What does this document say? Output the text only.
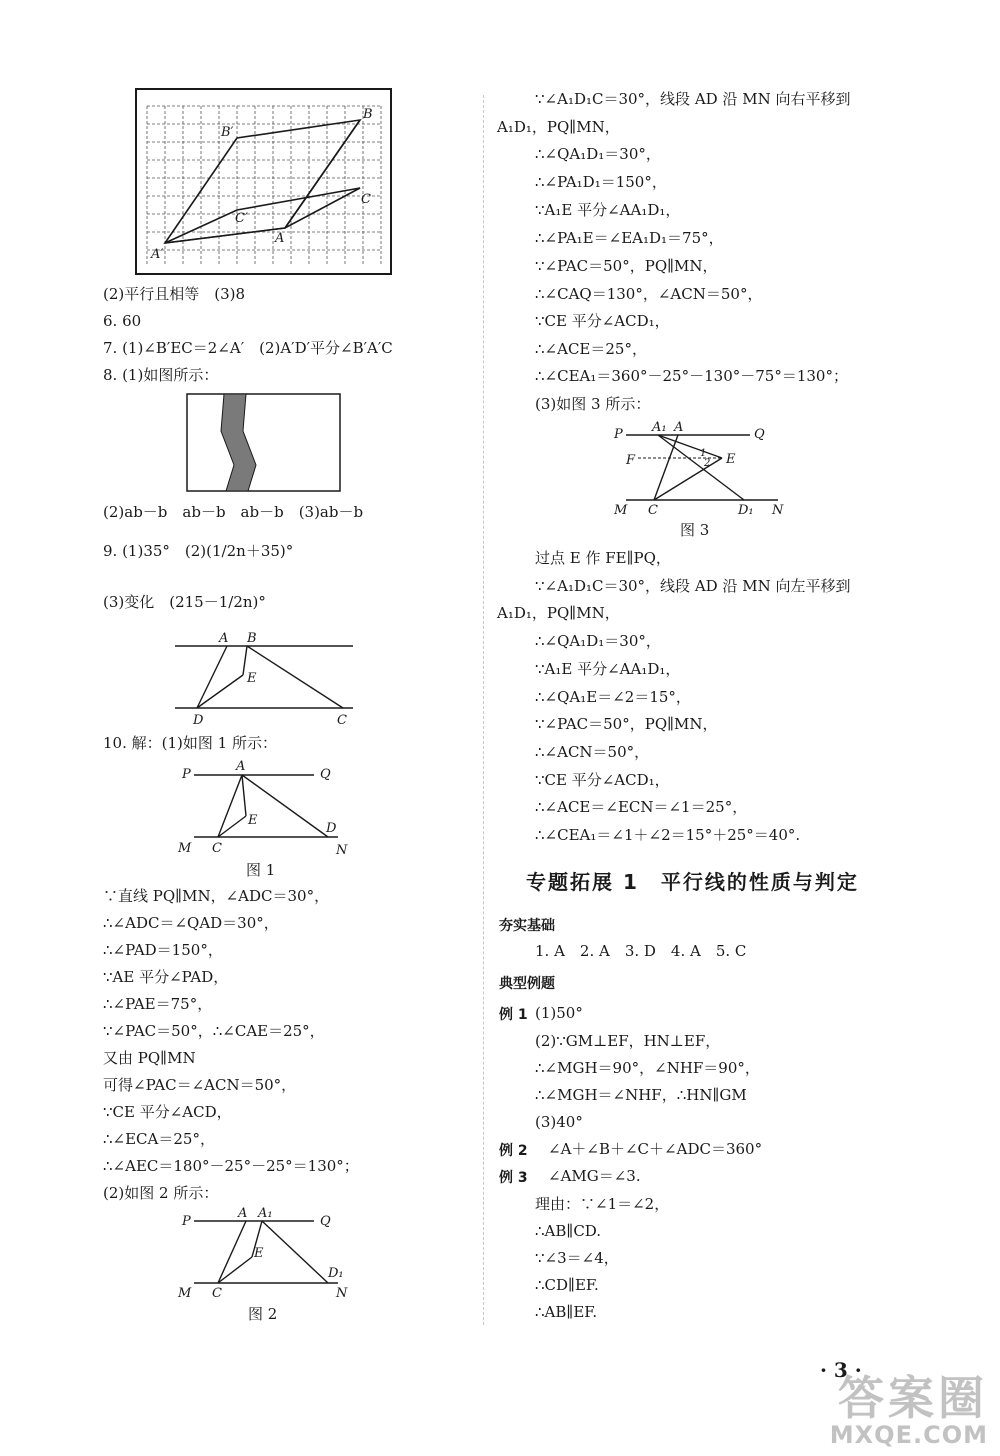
B′
B
C′
C
A
A′
(2)平行且相等　(3)8
6. 60
7. (1)∠B′EC＝2∠A′　(2)A′D′平分∠B′A′C
8. (1)如图所示：
(2)ab－b　ab－b　ab－b　(3)ab－b
9. (1)35°　(2)(1/2n＋35)°
(3)变化　(215－1/2n)°
A B
E
D	C
10. 解：(1)如图 1 所示：
P
A
Q
E
D
M C	N
图 1
∵直线 PQ∥MN，∠ADC＝30°，
∴∠ADC＝∠QAD＝30°，
∴∠PAD＝150°，
∵AE 平分∠PAD，
∴∠PAE＝75°，
∵∠PAC＝50°，∴∠CAE＝25°，
又由 PQ∥MN
可得∠PAC＝∠ACN＝50°，
∵CE 平分∠ACD，
∴∠ECA＝25°，
∴∠AEC＝180°－25°－25°＝130°；
(2)如图 2 所示：
P
A A₁
Q
E
D₁
M C	N
图 2
∵∠A₁D₁C＝30°，线段 AD 沿 MN 向右平移到
A₁D₁，PQ∥MN，
∴∠QA₁D₁＝30°，
∴∠PA₁D₁＝150°，
∵A₁E 平分∠AA₁D₁，
∴∠PA₁E＝∠EA₁D₁＝75°，
∵∠PAC＝50°，PQ∥MN，
∴∠CAQ＝130°，∠ACN＝50°，
∵CE 平分∠ACD₁，
∴∠ACE＝25°，
∴∠CEA₁＝360°－25°－130°－75°＝130°；
(3)如图 3 所示：
P A₁ A	Q
F	E
1
2
M C	D₁ N
图 3
过点 E 作 FE∥PQ，
∵∠A₁D₁C＝30°，线段 AD 沿 MN 向左平移到
A₁D₁，PQ∥MN，
∴∠QA₁D₁＝30°，
∵A₁E 平分∠AA₁D₁，
∴∠QA₁E＝∠2＝15°，
∵∠PAC＝50°，PQ∥MN，
∴∠ACN＝50°，
∵CE 平分∠ACD₁，
∴∠ACE＝∠ECN＝∠1＝25°，
∴∠CEA₁＝∠1＋∠2＝15°＋25°＝40°.
专题拓展 1　平行线的性质与判定
夯实基础
1. A　2. A　3. D　4. A　5. C
典型例题
例 1 (1)50°
(2)∵GM⊥EF，HN⊥EF，
∴∠MGH＝90°，∠NHF＝90°，
∴∠MGH＝∠NHF，∴HN∥GM
(3)40°
例 2 ∠A＋∠B＋∠C＋∠ADC＝360°
例 3 ∠AMG＝∠3.
理由：∵∠1＝∠2，
∴AB∥CD.
∵∠3＝∠4，
∴CD∥EF.
∴AB∥EF.
· 3 ·
答案圈
MXQE.COM
